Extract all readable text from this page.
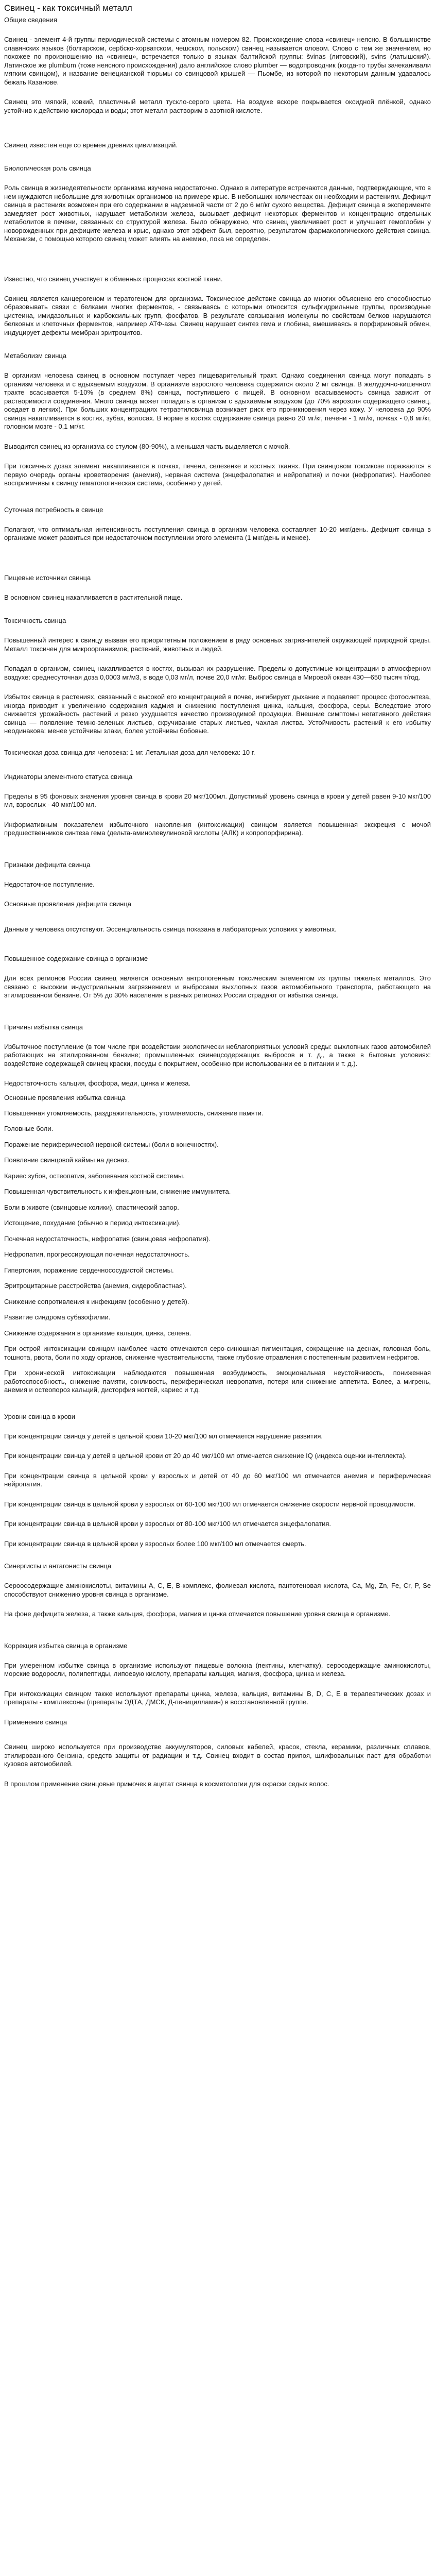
Свинец - как токсичный металл

Общие сведения

Свинец - элемент 4-й группы периодической системы с атомным номером 82. Происхождение слова «свинец» неясно. В большинстве славянских языков (болгарском, сербско-хорватском, чешском, польском) свинец называется оловом. Слово с тем же значением, но похожее по произношению на «свинец», встречается только в языках балтийской группы: švinas (литовский), svins (латышский). Латинское же plumbum (тоже неясного происхождения) дало английское слово plumber — водопроводчик (когда-то трубы зачеканивали мягким свинцом), и название венецианской тюрьмы со свинцовой крышей — Пьомбе, из которой по некоторым данным удавалось бежать Казанове.

Свинец это мягкий, ковкий, пластичный металл тускло-серого цвета. На воздухе вскоре покрывается оксидной плёнкой, однако устойчив к действию кислорода и воды; этот металл растворим в азотной кислоте.

Свинец известен еще со времен древних цивилизаций.

Биологическая роль свинца

Роль свинца в жизнедеятельности организма изучена недостаточно. Однако в литературе встречаются данные, подтверждающие, что в нем нуждаются небольшие для животных организмов на примере крыс. В небольших количествах он необходим и растениям. Дефицит свинца в растениях возможен при его содержании в надземной части от 2 до 6 мг/кг сухого вещества. Дефицит свинца в эксперименте замедляет рост животных, нарушает метаболизм железа, вызывает дефицит некоторых ферментов и концентрацию отдельных метаболитов в печени, связанных со структурой железа. Было обнаружено, что свинец увеличивает рост и улучшает гемоглобин у новорожденных при дефиците железа и крыс, однако этот эффект был, вероятно, результатом фармакологического действия свинца. Механизм, с помощью которого свинец может влиять на анемию, пока не определен.

Известно, что свинец участвует в обменных процессах костной ткани.

Свинец является канцерогеном и тератогеном для организма. Токсическое действие свинца до многих объяснено его способностью образовывать связи с белками многих ферментов, - связываясь с которыми относится сульфгидрильные группы, производные цистеина, имидазольных и карбоксильных групп, фосфатов. В результате связывания молекулы по свойствам белков нарушаются белковых и клеточных ферментов, например АТФ-азы. Свинец нарушает синтез гема и глобина, вмешиваясь в порфириновый обмен, индуцирует дефекты мембран эритроцитов.

Метаболизм свинца

В организм человека свинец в основном поступает через пищеварительный тракт. Однако соединения свинца могут попадать в организм человека и с вдыхаемым воздухом. В организме взрослого человека содержится около 2 мг свинца. В желудочно-кишечном тракте всасывается 5-10% (в среднем 8%) свинца, поступившего с пищей. В основном всасываемость свинца зависит от растворимости соединения. Много свинца может попадать в организм с вдыхаемым воздухом (до 70% аэрозоля содержащего свинец, оседает в легких). При больших концентрациях тетраэтилсвинца возникает риск его проникновения через кожу. У человека до 90% свинца накапливается в костях, зубах, волосах. В норме в костях содержание свинца равно 20 мг/кг, печени - 1 мг/кг, почках - 0,8 мг/кг, головном мозге - 0,1 мг/кг.

Выводится свинец из организма со стулом (80-90%), а меньшая часть выделяется с мочой.

При токсичных дозах элемент накапливается в почках, печени, селезенке и костных тканях. При свинцовом токсикозе поражаются в первую очередь органы кроветворения (анемия), нервная система (энцефалопатия и нейропатия) и почки (нефропатия). Наиболее восприимчивы к свинцу гематологическая система, особенно у детей.

Суточная потребность в свинце

Полагают, что оптимальная интенсивность поступления свинца в организм человека составляет 10-20 мкг/день. Дефицит свинца в организме может развиться при недостаточном поступлении этого элемента (1 мкг/день и менее).

Пищевые источники свинца

В основном свинец накапливается в растительной пище.

Токсичность свинца

Повышенный интерес к свинцу вызван его приоритетным положением в ряду основных загрязнителей окружающей природной среды. Металл токсичен для микроорганизмов, растений, животных и людей.

Попадая в организм, свинец накапливается в костях, вызывая их разрушение. Предельно допустимые концентрации в атмосферном воздухе: среднесуточная доза 0,0003 мг/м3, в воде 0,03 мг/л, почве 20,0 мг/кг. Выброс свинца в Мировой океан 430—650 тысяч т/год.

Избыток свинца в растениях, связанный с высокой его концентрацией в почве, ингибирует дыхание и подавляет процесс фотосинтеза, иногда приводит к увеличению содержания кадмия и снижению поступления цинка, кальция, фосфора, серы. Вследствие этого снижается урожайность растений и резко ухудшается качество производимой продукции. Внешние симптомы негативного действия свинца — появление темно-зеленых листьев, скручивание старых листьев, чахлая листва. Устойчивость растений к его избытку неодинакова: менее устойчивы злаки, более устойчивы бобовые.

Токсическая доза свинца для человека: 1 мг. Летальная доза для человека: 10 г.

Индикаторы элементного статуса свинца

Пределы в 95 фоновых значения уровня свинца в крови 20 мкг/100мл. Допустимый уровень свинца в крови у детей равен 9-10 мкг/100 мл, взрослых - 40 мкг/100 мл.

Информативным показателем избыточного накопления (интоксикации) свинцом является повышенная экскреция с мочой предшественников синтеза гема (дельта-аминолевулиновой кислоты (АЛК) и копропорфирина).

Признаки дефицита свинца

Недостаточное поступление.

Основные проявления дефицита свинца

Данные у человека отсутствуют. Эссенциальность свинца показана в лабораторных условиях у животных.

Повышенное содержание свинца в организме

Для всех регионов России свинец является основным антропогенным токсическим элементом из группы тяжелых металлов. Это связано с высоким индустриальным загрязнением и выбросами выхлопных газов автомобильного транспорта, работающего на этилированном бензине. От 5% до 30% населения в разных регионах России страдают от избытка свинца.

Причины избытка свинца

Избыточное поступление (в том числе при воздействии экологически неблагоприятных условий среды: выхлопных газов автомобилей работающих на этилированном бензине; промышленных свинецсодержащих выбросов и т. д., а также в бытовых условиях: воздействие содержащей свинец краски, посуды с покрытием, особенно при использовании ее в питании и т. д.).

Недостаточность кальция, фосфора, меди, цинка и железа.

Основные проявления избытка свинца

Повышенная утомляемость, раздражительность, утомляемость, снижение памяти.

Головные боли.

Поражение периферической нервной системы (боли в конечностях).

Появление свинцовой каймы на деснах.

Кариес зубов, остеопатия, заболевания костной системы.

Повышенная чувствительность к инфекционным, снижение иммунитета.

Боли в животе (свинцовые колики), спастический запор.

Истощение, похудание (обычно в период интоксикации).

Почечная недостаточность, нефропатия (свинцовая нефропатия).

Нефропатия, прогрессирующая почечная недостаточность.

Гипертония, поражение сердечнососудистой системы.

Эритроцитарные расстройства (анемия, сидеробластная).

Снижение сопротивления к инфекциям (особенно у детей).

Развитие синдрома субазофилии.

Снижение содержания в организме кальция, цинка, селена.

При острой интоксикации свинцом наиболее часто отмечаются серо-синюшная пигментация, сокращение на деснах, головная боль, тошнота, рвота, боли по ходу органов, снижение чувствительности, также глубокие отравления с постепенным развитием нефритов.

При хронической интоксикации наблюдаются повышенная возбудимость, эмоциональная неустойчивость, пониженная работоспособность, снижение памяти, сонливость, периферическая невропатия, потеря или снижение аппетита. Более, а мигрень, анемия и остеопороз кальций, дисторфия ногтей, кариес и т.д.

Уровни свинца в крови

При концентрации свинца у детей в цельной крови 10-20 мкг/100 мл отмечается нарушение развития.

При концентрации свинца у детей в цельной крови от 20 до 40 мкг/100 мл отмечается снижение IQ (индекса оценки интеллекта).

При концентрации свинца в цельной крови у взрослых и детей от 40 до 60 мкг/100 мл отмечается анемия и периферическая нейропатия.

При концентрации свинца в цельной крови у взрослых от 60-100 мкг/100 мл отмечается снижение скорости нервной проводимости.

При концентрации свинца в цельной крови у взрослых от 80-100 мкг/100 мл отмечается энцефалопатия.

При концентрации свинца в цельной крови у взрослых более 100 мкг/100 мл отмечается смерть.

Синергисты и антагонисты свинца

Сероосодержащие аминокислоты, витамины А, С, Е, В-комплекс, фолиевая кислота, пантотеновая кислота, Са, Mg, Zn, Fe, Cr, P, Se способствуют снижению уровня свинца в организме.

На фоне дефицита железа, а также кальция, фосфора, магния и цинка отмечается повышение уровня свинца в организме.

Коррекция избытка свинца в организме

При умеренном избытке свинца в организме используют пищевые волокна (пектины, клетчатку), серосодержащие аминокислоты, морские водоросли, полипептиды, липоевую кислоту, препараты кальция, магния, фосфора, цинка и железа.

При интоксикации свинцом также используют препараты цинка, железа, кальция, витамины B, D, C, E в терапевтических дозах и препараты - комплексоны (препараты ЭДТА, ДМСК, Д-пеницилламин) в восстановленной группе.

Применение свинца

Свинец широко используется при производстве аккумуляторов, силовых кабелей, красок, стекла, керамики, различных сплавов, этилированного бензина, средств защиты от радиации и т.д. Свинец входит в состав припоя, шлифовальных паст для обработки кузовов автомобилей.

В прошлом применение свинцовые примочек в ацетат свинца в косметологии для окраски седых волос.
